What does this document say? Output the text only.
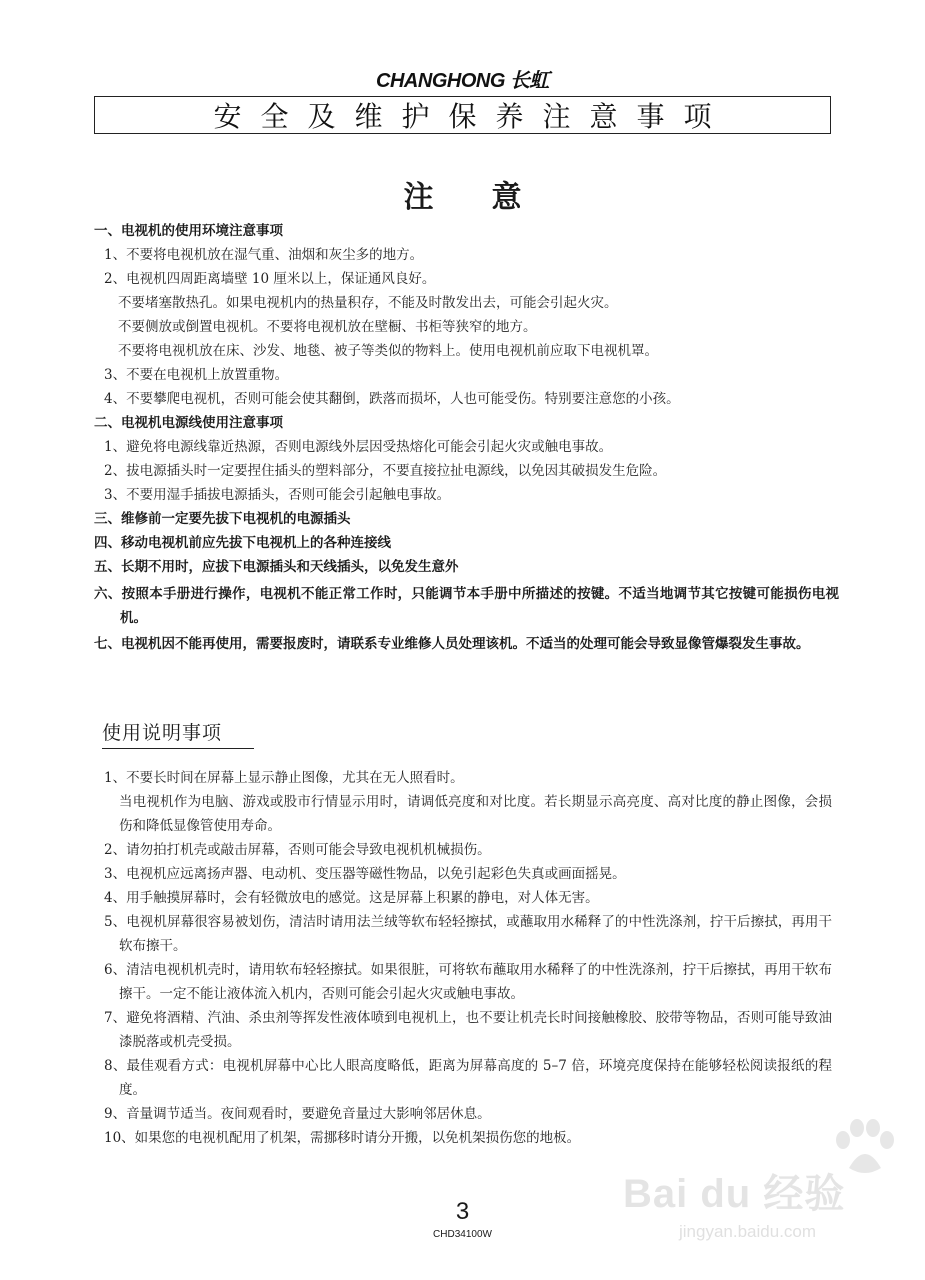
CHANGHONG 长虹
安全及维护保养注意事项
注意
一、电视机的使用环境注意事项
1、不要将电视机放在湿气重、油烟和灰尘多的地方。
2、电视机四周距离墙壁 10 厘米以上，保证通风良好。
不要堵塞散热孔。如果电视机内的热量积存，不能及时散发出去，可能会引起火灾。
不要侧放或倒置电视机。不要将电视机放在壁橱、书柜等狭窄的地方。
不要将电视机放在床、沙发、地毯、被子等类似的物料上。使用电视机前应取下电视机罩。
3、不要在电视机上放置重物。
4、不要攀爬电视机，否则可能会使其翻倒，跌落而损坏，人也可能受伤。特别要注意您的小孩。
二、电视机电源线使用注意事项
1、避免将电源线靠近热源，否则电源线外层因受热熔化可能会引起火灾或触电事故。
2、拔电源插头时一定要捏住插头的塑料部分，不要直接拉扯电源线，以免因其破损发生危险。
3、不要用湿手插拔电源插头，否则可能会引起触电事故。
三、维修前一定要先拔下电视机的电源插头
四、移动电视机前应先拔下电视机上的各种连接线
五、长期不用时，应拔下电源插头和天线插头，以免发生意外
六、按照本手册进行操作，电视机不能正常工作时，只能调节本手册中所描述的按键。不适当地调节其它按键可能损伤电视机。
七、电视机因不能再使用，需要报废时，请联系专业维修人员处理该机。不适当的处理可能会导致显像管爆裂发生事故。
使用说明事项
1、不要长时间在屏幕上显示静止图像，尤其在无人照看时。
当电视机作为电脑、游戏或股市行情显示用时，请调低亮度和对比度。若长期显示高亮度、高对比度的静止图像，会损伤和降低显像管使用寿命。
2、请勿拍打机壳或敲击屏幕，否则可能会导致电视机机械损伤。
3、电视机应远离扬声器、电动机、变压器等磁性物品，以免引起彩色失真或画面摇晃。
4、用手触摸屏幕时，会有轻微放电的感觉。这是屏幕上积累的静电，对人体无害。
5、电视机屏幕很容易被划伤，清洁时请用法兰绒等软布轻轻擦拭，或蘸取用水稀释了的中性洗涤剂，拧干后擦拭，再用干软布擦干。
6、清洁电视机机壳时，请用软布轻轻擦拭。如果很脏，可将软布蘸取用水稀释了的中性洗涤剂，拧干后擦拭，再用干软布擦干。一定不能让液体流入机内，否则可能会引起火灾或触电事故。
7、避免将酒精、汽油、杀虫剂等挥发性液体喷到电视机上，也不要让机壳长时间接触橡胶、胶带等物品，否则可能导致油漆脱落或机壳受损。
8、最佳观看方式：电视机屏幕中心比人眼高度略低，距离为屏幕高度的 5–7 倍，环境亮度保持在能够轻松阅读报纸的程度。
9、音量调节适当。夜间观看时，要避免音量过大影响邻居休息。
10、如果您的电视机配用了机架，需挪移时请分开搬，以免机架损伤您的地板。
3
CHD34100W
Bai du 经验
jingyan.baidu.com
